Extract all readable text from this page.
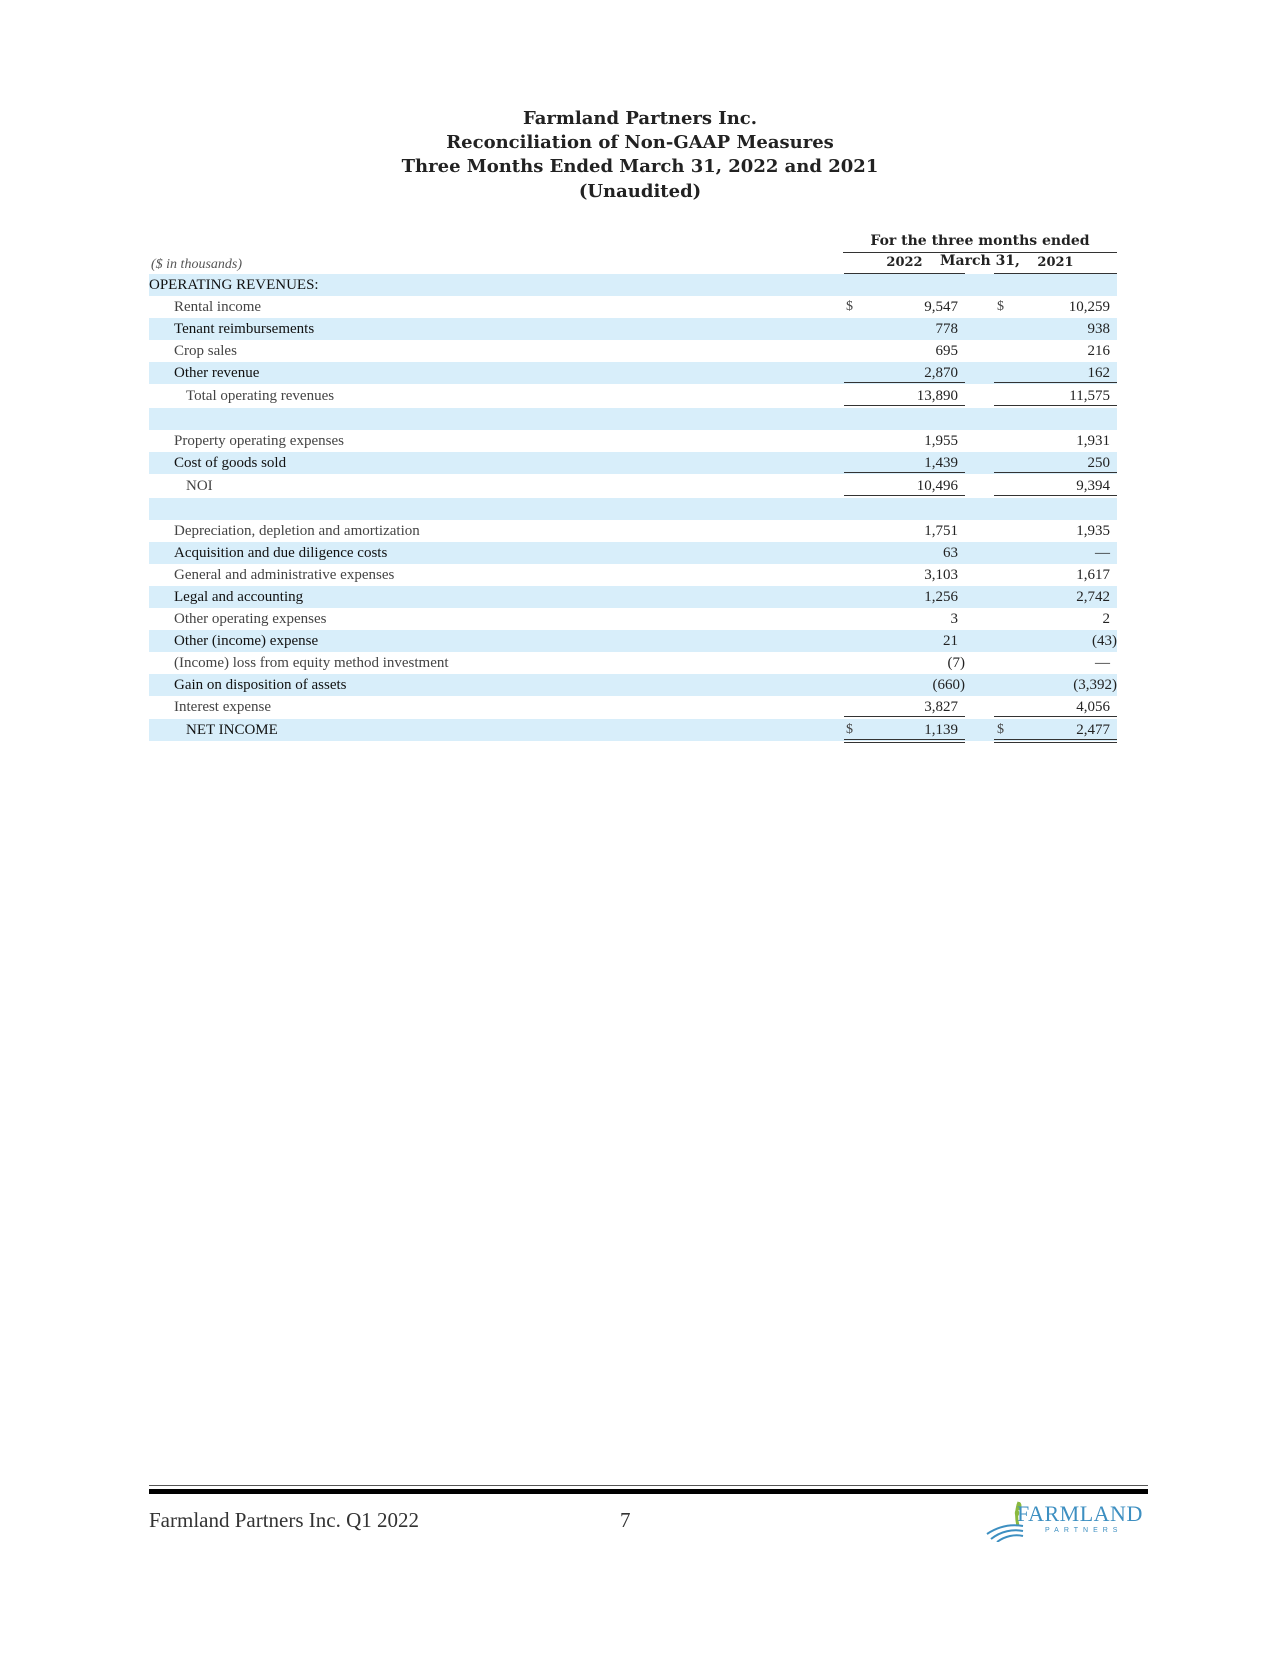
Farmland Partners Inc.
Reconciliation of Non-GAAP Measures
Three Months Ended March 31, 2022 and 2021
(Unaudited)
For the three months ended March 31,
2022	2021
($ in thousands)
OPERATING REVENUES:
Rental income	$	9,547	$	10,259
Tenant reimbursements	778	938
Crop sales	695	216
Other revenue	2,870	162
Total operating revenues	13,890	11,575
Property operating expenses	1,955	1,931
Cost of goods sold	1,439	250
NOI	10,496	9,394
Depreciation, depletion and amortization	1,751	1,935
Acquisition and due diligence costs	63	—
General and administrative expenses	3,103	1,617
Legal and accounting	1,256	2,742
Other operating expenses	3	2
Other (income) expense	21	(43)
(Income) loss from equity method investment	(7)	—
Gain on disposition of assets	(660)	(3,392)
Interest expense	3,827	4,056
NET INCOME	$	1,139	$	2,477
Farmland Partners Inc. Q1 2022	7	FARMLAND
PARTNERS
